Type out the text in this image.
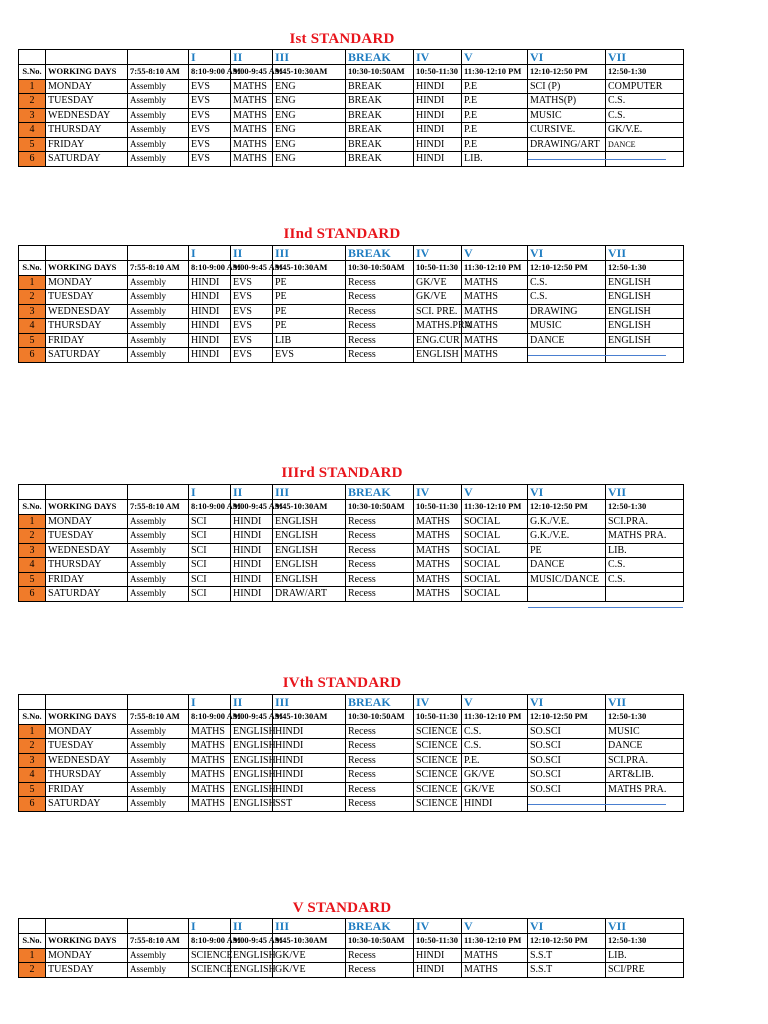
Ist STANDARD
			I	II	III	BREAK	IV	V	VI	VII
S.No.	WORKING DAYS	7:55-8:10 AM	8:10-9:00 AM	9:00-9:45 AM	9:45-10:30AM	10:30-10:50AM	10:50-11:30	11:30-12:10 PM	12:10-12:50 PM	12:50-1:30
1	MONDAY	Assembly	EVS	MATHS	ENG	BREAK	HINDI	P.E	SCI (P)	COMPUTER
2	TUESDAY	Assembly	EVS	MATHS	ENG	BREAK	HINDI	P.E	MATHS(P)	C.S.
3	WEDNESDAY	Assembly	EVS	MATHS	ENG	BREAK	HINDI	P.E	MUSIC	C.S.
4	THURSDAY	Assembly	EVS	MATHS	ENG	BREAK	HINDI	P.E	CURSIVE.	GK/V.E.
5	FRIDAY	Assembly	EVS	MATHS	ENG	BREAK	HINDI	P.E	DRAWING/ART	DANCE
6	SATURDAY	Assembly	EVS	MATHS	ENG	BREAK	HINDI	LIB.		
IInd STANDARD
			I	II	III	BREAK	IV	V	VI	VII
S.No.	WORKING DAYS	7:55-8:10 AM	8:10-9:00 AM	9:00-9:45 AM	9:45-10:30AM	10:30-10:50AM	10:50-11:30	11:30-12:10 PM	12:10-12:50 PM	12:50-1:30
1	MONDAY	Assembly	HINDI	EVS	PE	Recess	GK/VE	MATHS	C.S.	ENGLISH
2	TUESDAY	Assembly	HINDI	EVS	PE	Recess	GK/VE	MATHS	C.S.	ENGLISH
3	WEDNESDAY	Assembly	HINDI	EVS	PE	Recess	SCI. PRE.	MATHS	DRAWING	ENGLISH
4	THURSDAY	Assembly	HINDI	EVS	PE	Recess	MATHS.PRA	MATHS	MUSIC	ENGLISH
5	FRIDAY	Assembly	HINDI	EVS	LIB	Recess	ENG.CUR	MATHS	DANCE	ENGLISH
6	SATURDAY	Assembly	HINDI	EVS	EVS	Recess	ENGLISH	MATHS		
IIIrd STANDARD
			I	II	III	BREAK	IV	V	VI	VII
S.No.	WORKING DAYS	7:55-8:10 AM	8:10-9:00 AM	9:00-9:45 AM	9:45-10:30AM	10:30-10:50AM	10:50-11:30	11:30-12:10 PM	12:10-12:50 PM	12:50-1:30
1	MONDAY	Assembly	SCI	HINDI	ENGLISH	Recess	MATHS	SOCIAL	G.K./V.E.	SCI.PRA.
2	TUESDAY	Assembly	SCI	HINDI	ENGLISH	Recess	MATHS	SOCIAL	G.K./V.E.	MATHS PRA.
3	WEDNESDAY	Assembly	SCI	HINDI	ENGLISH	Recess	MATHS	SOCIAL	PE	LIB.
4	THURSDAY	Assembly	SCI	HINDI	ENGLISH	Recess	MATHS	SOCIAL	DANCE	C.S.
5	FRIDAY	Assembly	SCI	HINDI	ENGLISH	Recess	MATHS	SOCIAL	MUSIC/DANCE	C.S.
6	SATURDAY	Assembly	SCI	HINDI	DRAW/ART	Recess	MATHS	SOCIAL		
IVth STANDARD
			I	II	III	BREAK	IV	V	VI	VII
S.No.	WORKING DAYS	7:55-8:10 AM	8:10-9:00 AM	9:00-9:45 AM	9:45-10:30AM	10:30-10:50AM	10:50-11:30	11:30-12:10 PM	12:10-12:50 PM	12:50-1:30
1	MONDAY	Assembly	MATHS	ENGLISH	HINDI	Recess	SCIENCE	C.S.	SO.SCI	MUSIC
2	TUESDAY	Assembly	MATHS	ENGLISH	HINDI	Recess	SCIENCE	C.S.	SO.SCI	DANCE
3	WEDNESDAY	Assembly	MATHS	ENGLISH	HINDI	Recess	SCIENCE	P.E.	SO.SCI	SCI.PRA.
4	THURSDAY	Assembly	MATHS	ENGLISH	HINDI	Recess	SCIENCE	GK/VE	SO.SCI	ART&LIB.
5	FRIDAY	Assembly	MATHS	ENGLISH	HINDI	Recess	SCIENCE	GK/VE	SO.SCI	MATHS PRA.
6	SATURDAY	Assembly	MATHS	ENGLISH	SST	Recess	SCIENCE	HINDI		
V STANDARD
			I	II	III	BREAK	IV	V	VI	VII
S.No.	WORKING DAYS	7:55-8:10 AM	8:10-9:00 AM	9:00-9:45 AM	9:45-10:30AM	10:30-10:50AM	10:50-11:30	11:30-12:10 PM	12:10-12:50 PM	12:50-1:30
1	MONDAY	Assembly	SCIENCE	ENGLISH	GK/VE	Recess	HINDI	MATHS	S.S.T	LIB.
2	TUESDAY	Assembly	SCIENCE	ENGLISH	GK/VE	Recess	HINDI	MATHS	S.S.T	SCI/PRE
